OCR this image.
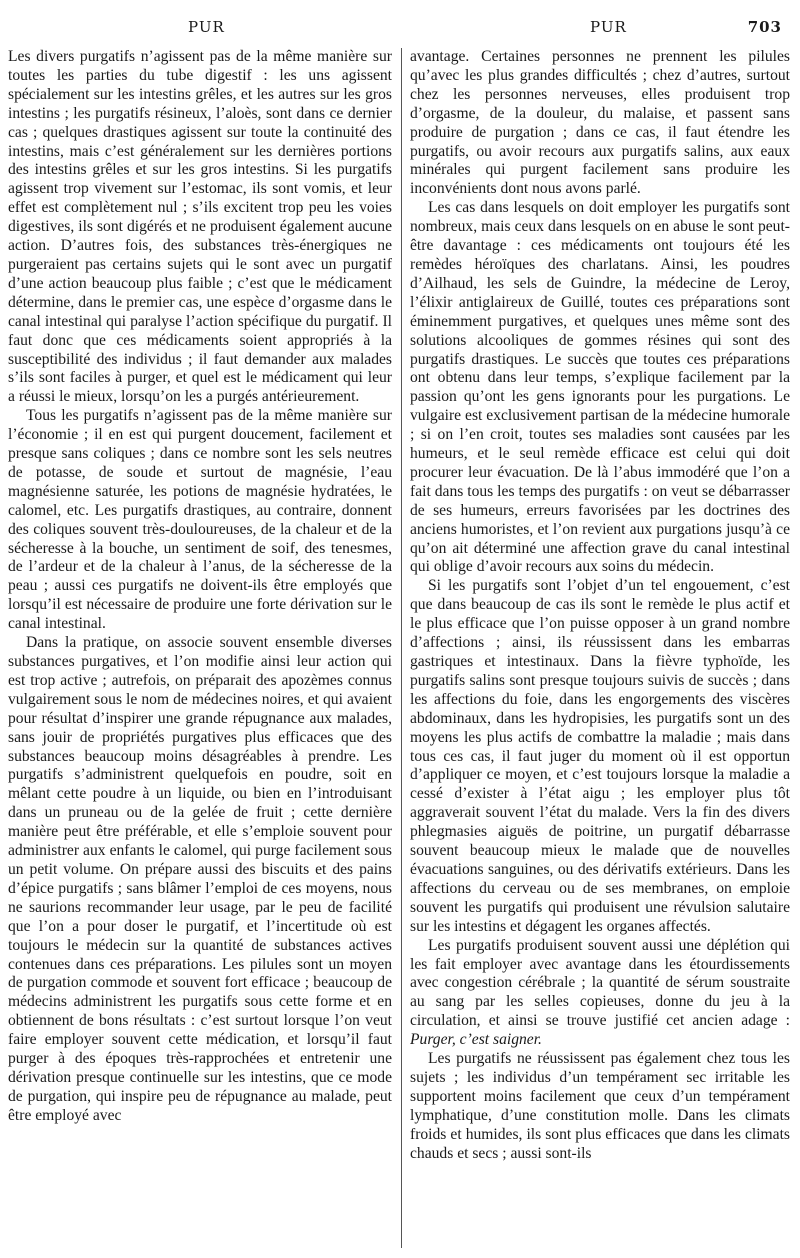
PUR	PUR	703

Les divers purgatifs n’agissent pas de la même manière sur toutes les parties du tube digestif : les uns agissent spécialement sur les intestins grêles, et les autres sur les gros intestins ; les purgatifs résineux, l’aloès, sont dans ce dernier cas ; quelques drastiques agissent sur toute la continuité des intestins, mais c’est généralement sur les dernières portions des intestins grêles et sur les gros intestins. Si les purgatifs agissent trop vivement sur l’estomac, ils sont vomis, et leur effet est complètement nul ; s’ils excitent trop peu les voies digestives, ils sont digérés et ne produisent également aucune action. D’autres fois, des substances très-énergiques ne purgeraient pas certains sujets qui le sont avec un purgatif d’une action beaucoup plus faible ; c’est que le médicament détermine, dans le premier cas, une espèce d’orgasme dans le canal intestinal qui paralyse l’action spécifique du purgatif. Il faut donc que ces médicaments soient appropriés à la susceptibilité des individus ; il faut demander aux malades s’ils sont faciles à purger, et quel est le médicament qui leur a réussi le mieux, lorsqu’on les a purgés antérieurement.

Tous les purgatifs n’agissent pas de la même manière sur l’économie ; il en est qui purgent doucement, facilement et presque sans coliques ; dans ce nombre sont les sels neutres de potasse, de soude et surtout de magnésie, l’eau magnésienne saturée, les potions de magnésie hydratées, le calomel, etc. Les purgatifs drastiques, au contraire, donnent des coliques souvent très-douloureuses, de la chaleur et de la sécheresse à la bouche, un sentiment de soif, des tenesmes, de l’ardeur et de la chaleur à l’anus, de la sécheresse de la peau ; aussi ces purgatifs ne doivent-ils être employés que lorsqu’il est nécessaire de produire une forte dérivation sur le canal intestinal.

Dans la pratique, on associe souvent ensemble diverses substances purgatives, et l’on modifie ainsi leur action qui est trop active ; autrefois, on préparait des apozèmes connus vulgairement sous le nom de médecines noires, et qui avaient pour résultat d’inspirer une grande répugnance aux malades, sans jouir de propriétés purgatives plus efficaces que des substances beaucoup moins désagréables à prendre. Les purgatifs s’administrent quelquefois en poudre, soit en mêlant cette poudre à un liquide, ou bien en l’introduisant dans un pruneau ou de la gelée de fruit ; cette dernière manière peut être préférable, et elle s’emploie souvent pour administrer aux enfants le calomel, qui purge facilement sous un petit volume. On prépare aussi des biscuits et des pains d’épice purgatifs ; sans blâmer l’emploi de ces moyens, nous ne saurions recommander leur usage, par le peu de facilité que l’on a pour doser le purgatif, et l’incertitude où est toujours le médecin sur la quantité de substances actives contenues dans ces préparations. Les pilules sont un moyen de purgation commode et souvent fort efficace ; beaucoup de médecins administrent les purgatifs sous cette forme et en obtiennent de bons résultats : c’est surtout lorsque l’on veut faire employer souvent cette médication, et lorsqu’il faut purger à des époques très-rapprochées et entretenir une dérivation presque continuelle sur les intestins, que ce mode de purgation, qui inspire peu de répugnance au malade, peut être employé avec

avantage. Certaines personnes ne prennent les pilules qu’avec les plus grandes difficultés ; chez d’autres, surtout chez les personnes nerveuses, elles produisent trop d’orgasme, de la douleur, du malaise, et passent sans produire de purgation ; dans ce cas, il faut étendre les purgatifs, ou avoir recours aux purgatifs salins, aux eaux minérales qui purgent facilement sans produire les inconvénients dont nous avons parlé.

Les cas dans lesquels on doit employer les purgatifs sont nombreux, mais ceux dans lesquels on en abuse le sont peut-être davantage : ces médicaments ont toujours été les remèdes héroïques des charlatans. Ainsi, les poudres d’Ailhaud, les sels de Guindre, la médecine de Leroy, l’élixir antiglaireux de Guillé, toutes ces préparations sont éminemment purgatives, et quelques unes même sont des solutions alcooliques de gommes résines qui sont des purgatifs drastiques. Le succès que toutes ces préparations ont obtenu dans leur temps, s’explique facilement par la passion qu’ont les gens ignorants pour les purgations. Le vulgaire est exclusivement partisan de la médecine humorale ; si on l’en croit, toutes ses maladies sont causées par les humeurs, et le seul remède efficace est celui qui doit procurer leur évacuation. De là l’abus immodéré que l’on a fait dans tous les temps des purgatifs : on veut se débarrasser de ses humeurs, erreurs favorisées par les doctrines des anciens humoristes, et l’on revient aux purgations jusqu’à ce qu’on ait déterminé une affection grave du canal intestinal qui oblige d’avoir recours aux soins du médecin.

Si les purgatifs sont l’objet d’un tel engouement, c’est que dans beaucoup de cas ils sont le remède le plus actif et le plus efficace que l’on puisse opposer à un grand nombre d’affections ; ainsi, ils réussissent dans les embarras gastriques et intestinaux. Dans la fièvre typhoïde, les purgatifs salins sont presque toujours suivis de succès ; dans les affections du foie, dans les engorgements des viscères abdominaux, dans les hydropisies, les purgatifs sont un des moyens les plus actifs de combattre la maladie ; mais dans tous ces cas, il faut juger du moment où il est opportun d’appliquer ce moyen, et c’est toujours lorsque la maladie a cessé d’exister à l’état aigu ; les employer plus tôt aggraverait souvent l’état du malade. Vers la fin des divers phlegmasies aiguës de poitrine, un purgatif débarrasse souvent beaucoup mieux le malade que de nouvelles évacuations sanguines, ou des dérivatifs extérieurs. Dans les affections du cerveau ou de ses membranes, on emploie souvent les purgatifs qui produisent une révulsion salutaire sur les intestins et dégagent les organes affectés.

Les purgatifs produisent souvent aussi une déplétion qui les fait employer avec avantage dans les étourdissements avec congestion cérébrale ; la quantité de sérum soustraite au sang par les selles copieuses, donne du jeu à la circulation, et ainsi se trouve justifié cet ancien adage : Purger, c’est saigner.

Les purgatifs ne réussissent pas également chez tous les sujets ; les individus d’un tempérament sec irritable les supportent moins facilement que ceux d’un tempérament lymphatique, d’une constitution molle. Dans les climats froids et humides, ils sont plus efficaces que dans les climats chauds et secs ; aussi sont-ils
